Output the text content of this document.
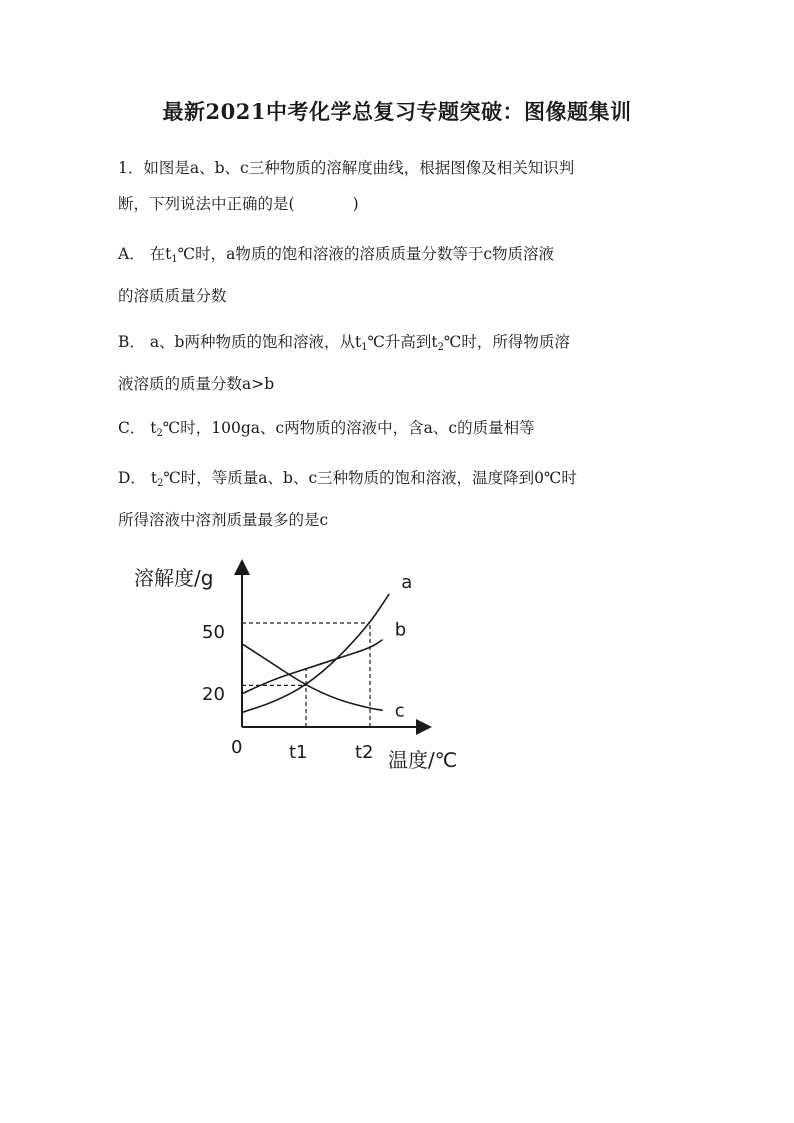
最新2021中考化学总复习专题突破：图像题集训
1．如图是a、b、c三种物质的溶解度曲线，根据图像及相关知识判
断，下列说法中正确的是(	)
A． 在$t_1℃$时，a物质的饱和溶液的溶质质量分数等于c物质溶液
的溶质质量分数
B． a、b两种物质的饱和溶液，从$t_1℃$升高到$t_2℃$时，所得物质溶
液溶质的质量分数a>b
C． $t_2℃$时，100ga、c两物质的溶液中，含a、c的质量相等
D． $t_2℃$时，等质量a、b、c三种物质的饱和溶液，温度降到0℃时
所得溶液中溶剂质量最多的是c
溶解度/g
温度/℃
50
20
0	t1	t2
a
b
c
